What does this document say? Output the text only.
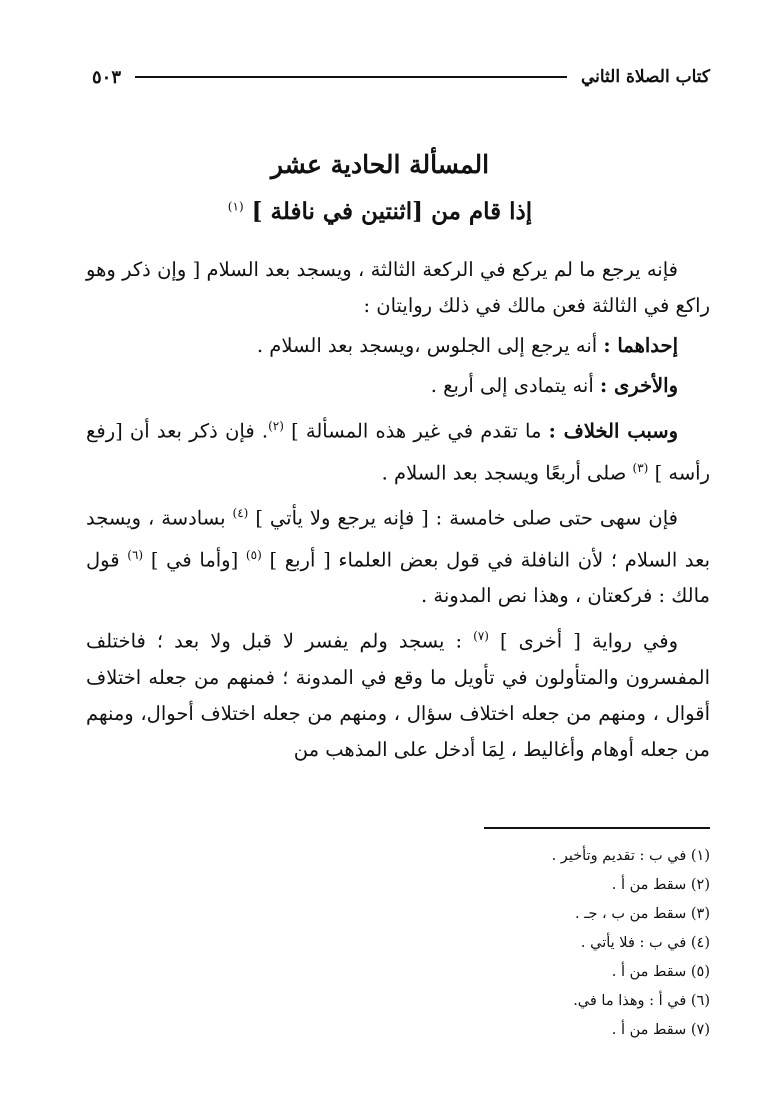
كتاب الصلاة الثاني
٥٠٣
المسألة الحادية عشر
إذا قام من [اثنتين في نافلة ] $^{(١)}$

فإنه يرجع ما لم يركع في الركعة الثالثة ، ويسجد بعد السلام [ وإن ذكر وهو راكع في الثالثة فعن مالك في ذلك روايتان :

إحداهما : أنه يرجع إلى الجلوس ،ويسجد بعد السلام .

والأخرى : أنه يتمادى إلى أربع .

وسبب الخلاف : ما تقدم في غير هذه المسألة ] $^{(٢)}$. فإن ذكر بعد أن [رفع رأسه ] $^{(٣)}$ صلى أربعًا ويسجد بعد السلام .

فإن سهى حتى صلى خامسة : [ فإنه يرجع ولا يأتي ] $^{(٤)}$ بسادسة ، ويسجد بعد السلام ؛ لأن النافلة في قول بعض العلماء [ أربع ] $^{(٥)}$ [وأما في ] $^{(٦)}$ قول مالك : فركعتان ، وهذا نص المدونة .

وفي رواية [ أخرى ] $^{(٧)}$ : يسجد ولم يفسر لا قبل ولا بعد ؛ فاختلف المفسرون والمتأولون في تأويل ما وقع في المدونة ؛ فمنهم من جعله اختلاف أقوال ، ومنهم من جعله اختلاف سؤال ، ومنهم من جعله اختلاف أحوال، ومنهم من جعله أوهام وأغاليط ، لِمَا أدخل على المذهب من

(١) في ب : تقديم وتأخير .
(٢) سقط من أ .
(٣) سقط من ب ، جـ .
(٤) في ب : فلا يأتي .
(٥) سقط من أ .
(٦) في أ : وهذا ما في.
(٧) سقط من أ .
